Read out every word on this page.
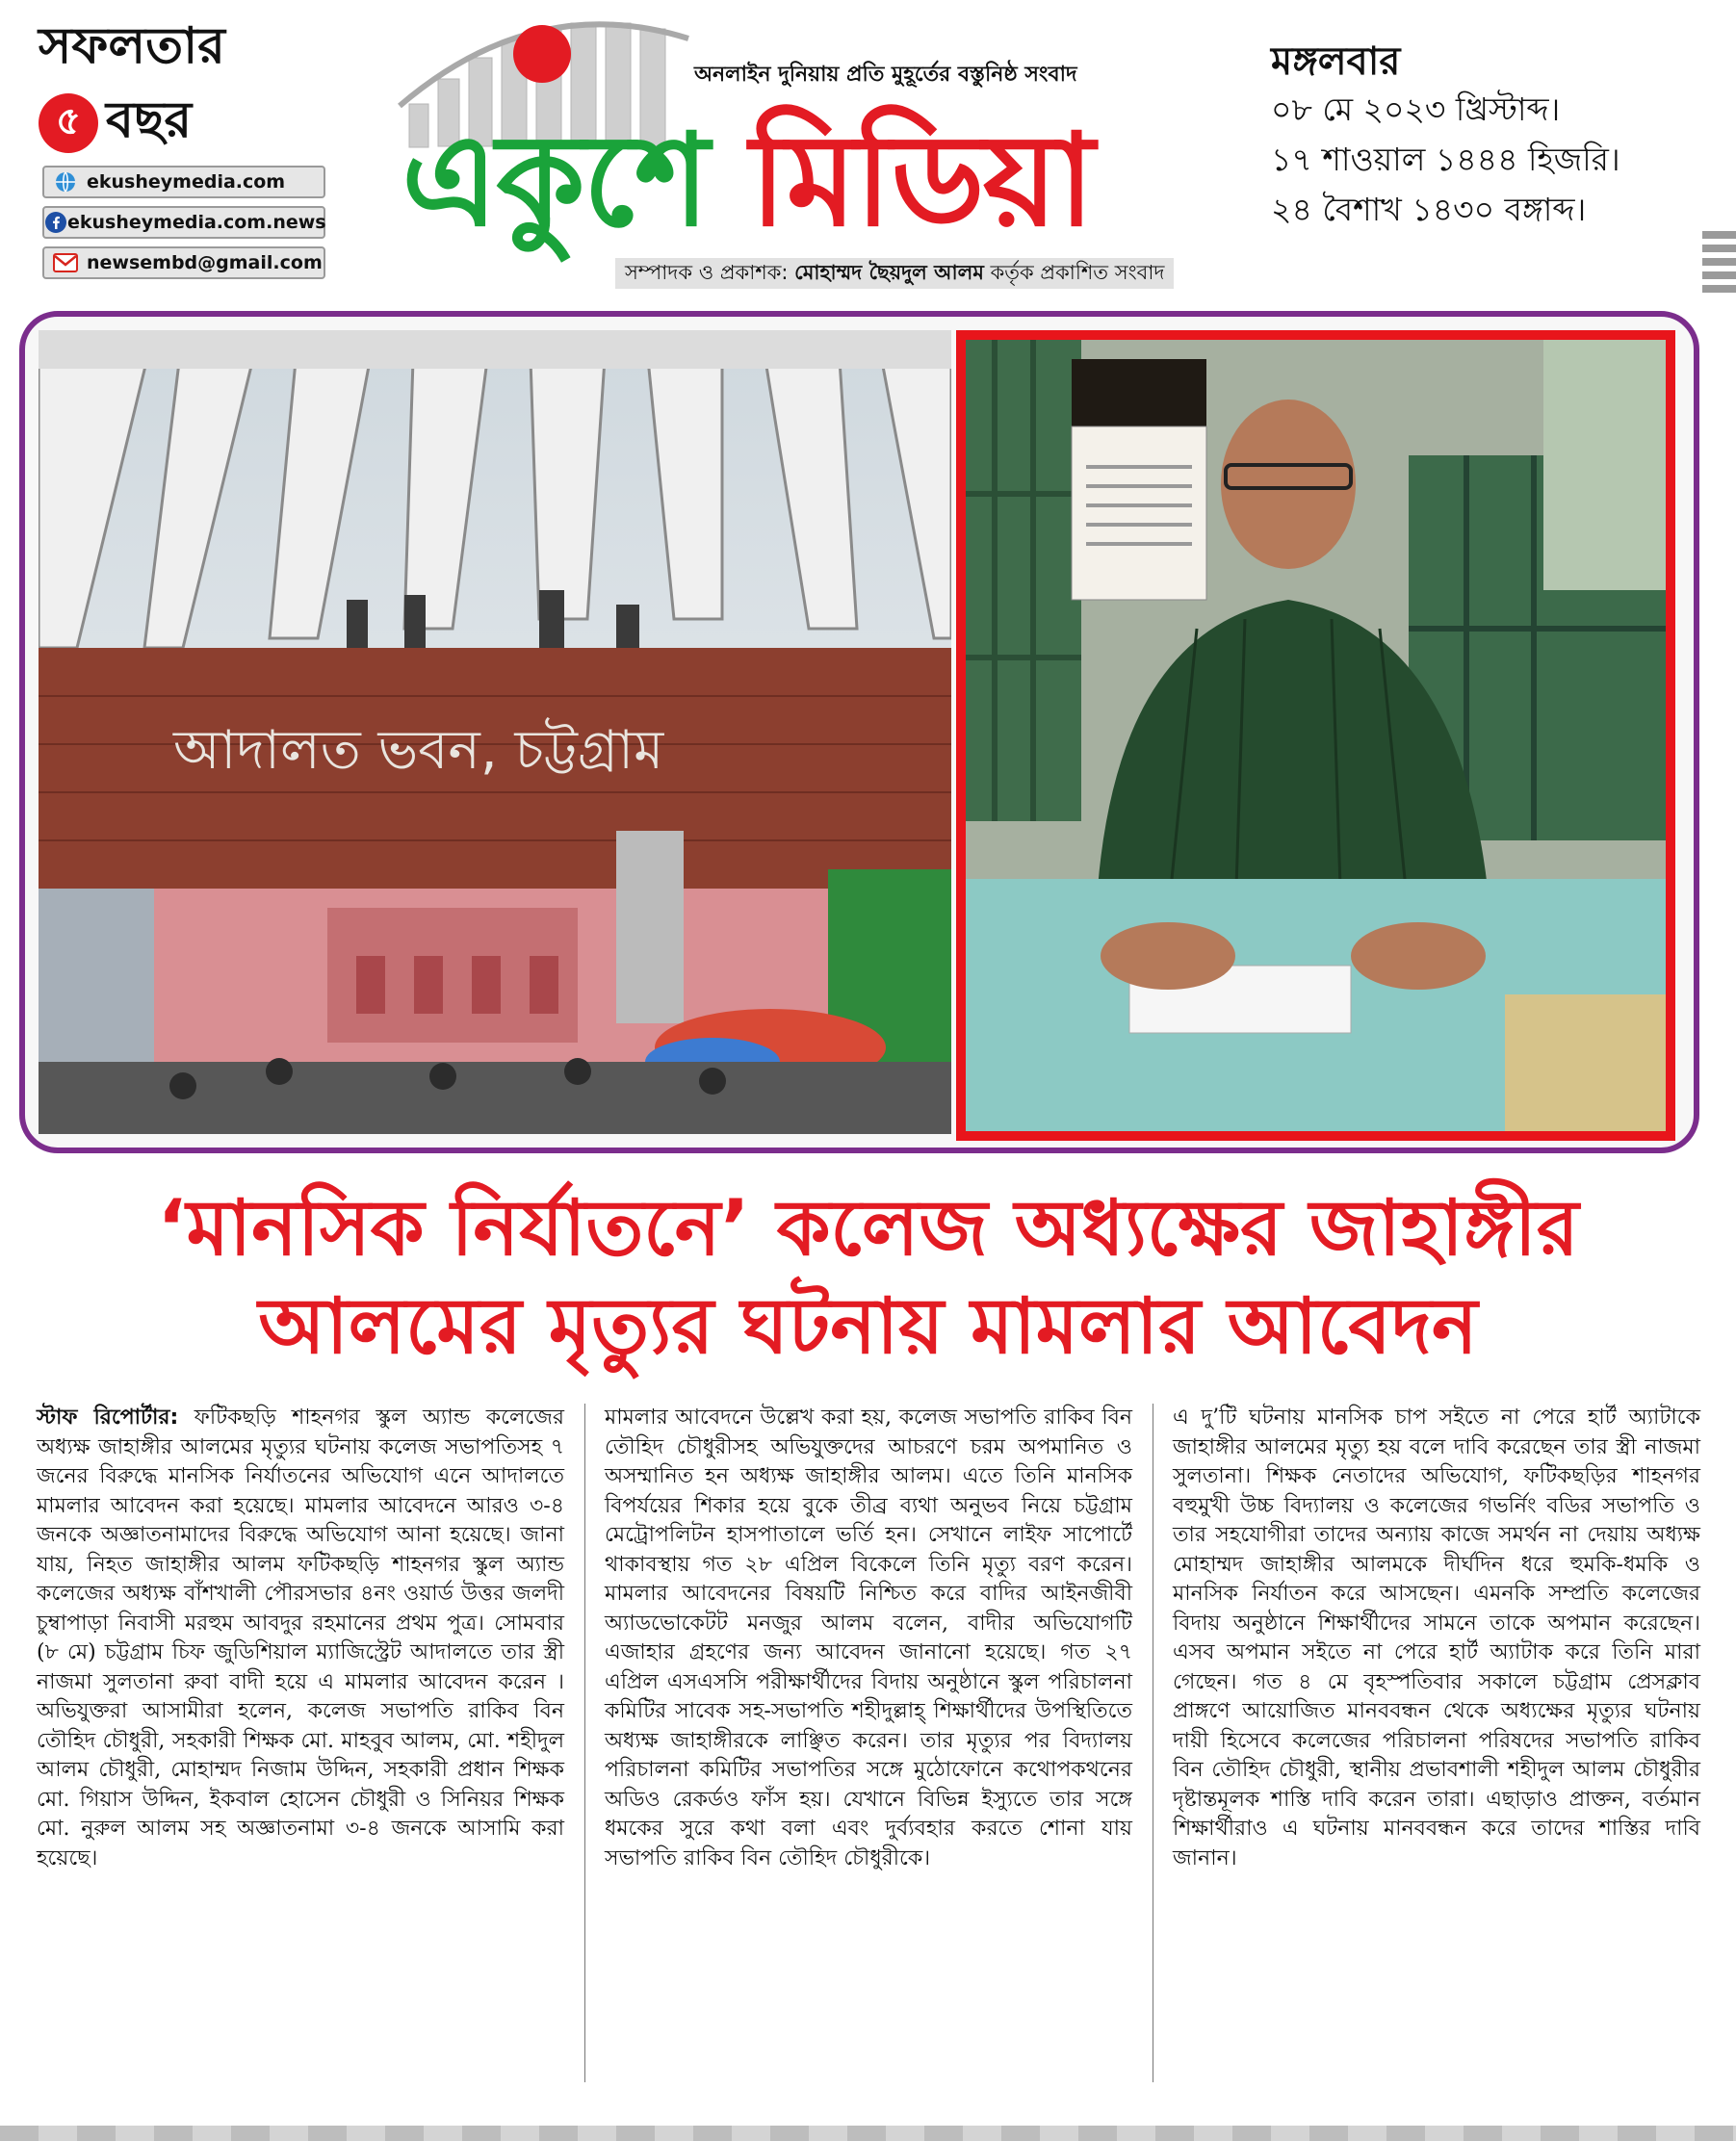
সফলতার
৫ বছর
ekusheymedia.com
ekusheymedia.com.news
newsembd@gmail.com
অনলাইন দুনিয়ায় প্রতি মুহূর্তের বস্তুনিষ্ঠ সংবাদ
একুশে মিডিয়া
সম্পাদক ও প্রকাশক:
মোহাম্মদ ছৈয়দুল আলম
কর্তৃক প্রকাশিত সংবাদ
মঙ্গলবার
০৮ মে ২০২৩ খ্রিস্টাব্দ।
১৭ শাওয়াল ১৪৪৪ হিজরি।
২৪ বৈশাখ ১৪৩০ বঙ্গাব্দ।
আদালত ভবন, চট্টগ্রাম
‘মানসিক নির্যাতনে’ কলেজ অধ্যক্ষের জাহাঙ্গীর
আলমের মৃত্যুর ঘটনায় মামলার আবেদন
স্টাফ রিপোর্টার: ফটিকছড়ি শাহনগর স্কুল অ্যান্ড কলেজের অধ্যক্ষ জাহাঙ্গীর আলমের মৃত্যুর ঘটনায় কলেজ সভাপতিসহ ৭ জনের বিরুদ্ধে মানসিক নির্যাতনের অভিযোগ এনে আদালতে মামলার আবেদন করা হয়েছে। মামলার আবেদনে আরও ৩-৪ জনকে অজ্ঞাতনামাদের বিরুদ্ধে অভিযোগ আনা হয়েছে। জানা যায়, নিহত জাহাঙ্গীর আলম ফটিকছড়ি শাহনগর স্কুল অ্যান্ড কলেজের অধ্যক্ষ বাঁশখালী পৌরসভার ৪নং ওয়ার্ড উত্তর জলদী চুম্বাপাড়া নিবাসী মরহুম আবদুর রহমানের প্রথম পুত্র। সোমবার (৮ মে) চট্টগ্রাম চিফ জুডিশিয়াল ম্যাজিস্ট্রেট আদালতে তার স্ত্রী নাজমা সুলতানা রুবা বাদী হয়ে এ মামলার আবেদন করেন । অভিযুক্তরা আসামীরা হলেন, কলেজ সভাপতি রাকিব বিন তৌহিদ চৌধুরী, সহকারী শিক্ষক মো. মাহবুব আলম, মো. শহীদুল আলম চৌধুরী, মোহাম্মদ নিজাম উদ্দিন, সহকারী প্রধান শিক্ষক মো. গিয়াস উদ্দিন, ইকবাল হোসেন চৌধুরী ও সিনিয়র শিক্ষক মো. নুরুল আলম সহ অজ্ঞাতনামা ৩-৪ জনকে আসামি করা হয়েছে।
মামলার আবেদনে উল্লেখ করা হয়, কলেজ সভাপতি রাকিব বিন তৌহিদ চৌধুরীসহ অভিযুক্তদের আচরণে চরম অপমানিত ও অসম্মানিত হন অধ্যক্ষ জাহাঙ্গীর আলম। এতে তিনি মানসিক বিপর্যয়ের শিকার হয়ে বুকে তীব্র ব্যথা অনুভব নিয়ে চট্টগ্রাম মেট্রোপলিটন হাসপাতালে ভর্তি হন। সেখানে লাইফ সাপোর্টে থাকাবস্থায় গত ২৮ এপ্রিল বিকেলে তিনি মৃত্যু বরণ করেন। মামলার আবেদনের বিষয়টি নিশ্চিত করে বাদির আইনজীবী অ্যাডভোকেটট মনজুর আলম বলেন, বাদীর অভিযোগটি এজাহার গ্রহণের জন্য আবেদন জানানো হয়েছে। গত ২৭ এপ্রিল এসএসসি পরীক্ষার্থীদের বিদায় অনুষ্ঠানে স্কুল পরিচালনা কমিটির সাবেক সহ-সভাপতি শহীদুল্লাহ্ শিক্ষার্থীদের উপস্থিতিতে অধ্যক্ষ জাহাঙ্গীরকে লাঞ্ছিত করেন। তার মৃত্যুর পর বিদ্যালয় পরিচালনা কমিটির সভাপতির সঙ্গে মুঠোফোনে কথোপকথনের অডিও রেকর্ডও ফাঁস হয়। যেখানে বিভিন্ন ইস্যুতে তার সঙ্গে ধমকের সুরে কথা বলা এবং দুর্ব্যবহার করতে শোনা যায় সভাপতি রাকিব বিন তৌহিদ চৌধুরীকে।
এ দু’টি ঘটনায় মানসিক চাপ সইতে না পেরে হার্ট অ্যাটাকে জাহাঙ্গীর আলমের মৃত্যু হয় বলে দাবি করেছেন তার স্ত্রী নাজমা সুলতানা। শিক্ষক নেতাদের অভিযোগ, ফটিকছড়ির শাহনগর বহুমুখী উচ্চ বিদ্যালয় ও কলেজের গভর্নিং বডির সভাপতি ও তার সহযোগীরা তাদের অন্যায় কাজে সমর্থন না দেয়ায় অধ্যক্ষ মোহাম্মদ জাহাঙ্গীর আলমকে দীর্ঘদিন ধরে হুমকি-ধমকি ও মানসিক নির্যাতন করে আসছেন। এমনকি সম্প্রতি কলেজের বিদায় অনুষ্ঠানে শিক্ষার্থীদের সামনে তাকে অপমান করেছেন। এসব অপমান সইতে না পেরে হার্ট অ্যাটাক করে তিনি মারা গেছেন। গত ৪ মে বৃহস্পতিবার সকালে চট্টগ্রাম প্রেসক্লাব প্রাঙ্গণে আয়োজিত মানববন্ধন থেকে অধ্যক্ষের মৃত্যুর ঘটনায় দায়ী হিসেবে কলেজের পরিচালনা পরিষদের সভাপতি রাকিব বিন তৌহিদ চৌধুরী, স্থানীয় প্রভাবশালী শহীদুল আলম চৌধুরীর দৃষ্টান্তমূলক শাস্তি দাবি করেন তারা। এছাড়াও প্রাক্তন, বর্তমান শিক্ষার্থীরাও এ ঘটনায় মানববন্ধন করে তাদের শাস্তির দাবি জানান।
